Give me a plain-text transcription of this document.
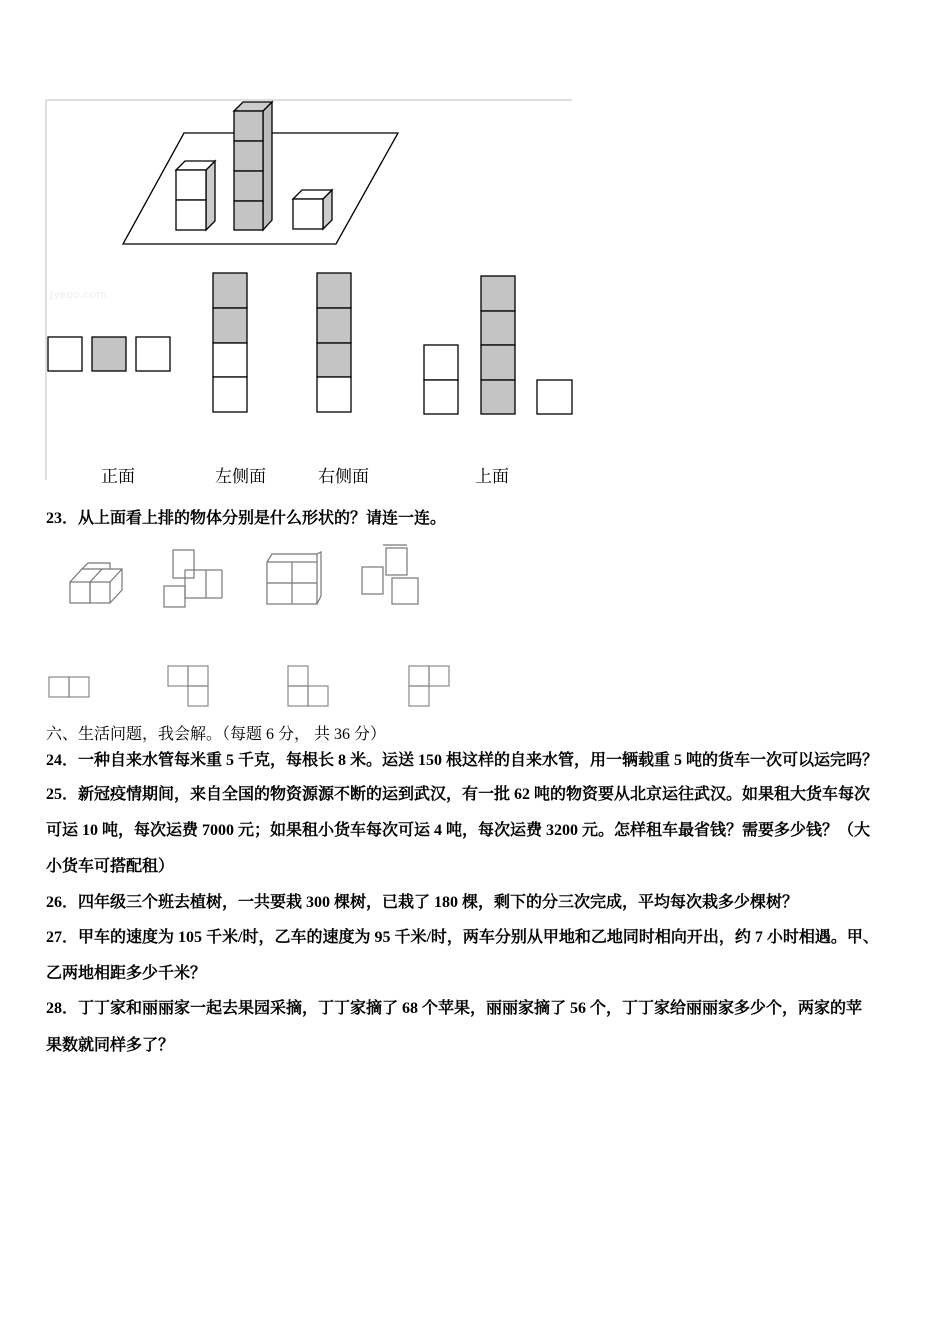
Jyeoo.com
正面	左侧面	右侧面	上面
23．从上面看上排的物体分别是什么形状的？请连一连。
六、生活问题，我会解。（每题 6 分， 共 36 分）
24．一种自来水管每米重 5 千克，每根长 8 米。运送 150 根这样的自来水管，用一辆载重 5 吨的货车一次可以运完吗？
25．新冠疫情期间，来自全国的物资源源不断的运到武汉，有一批 62 吨的物资要从北京运往武汉。如果租大货车每次
可运 10 吨，每次运费 7000 元；如果租小货车每次可运 4 吨，每次运费 3200 元。怎样租车最省钱？需要多少钱？（大
小货车可搭配租）
26．四年级三个班去植树，一共要栽 300 棵树，已栽了 180 棵，剩下的分三次完成，平均每次栽多少棵树？
27．甲车的速度为 105 千米/时，乙车的速度为 95 千米/时，两车分别从甲地和乙地同时相向开出，约 7 小时相遇。甲、
乙两地相距多少千米？
28．丁丁家和丽丽家一起去果园采摘，丁丁家摘了 68 个苹果，丽丽家摘了 56 个，丁丁家给丽丽家多少个，两家的苹
果数就同样多了？
